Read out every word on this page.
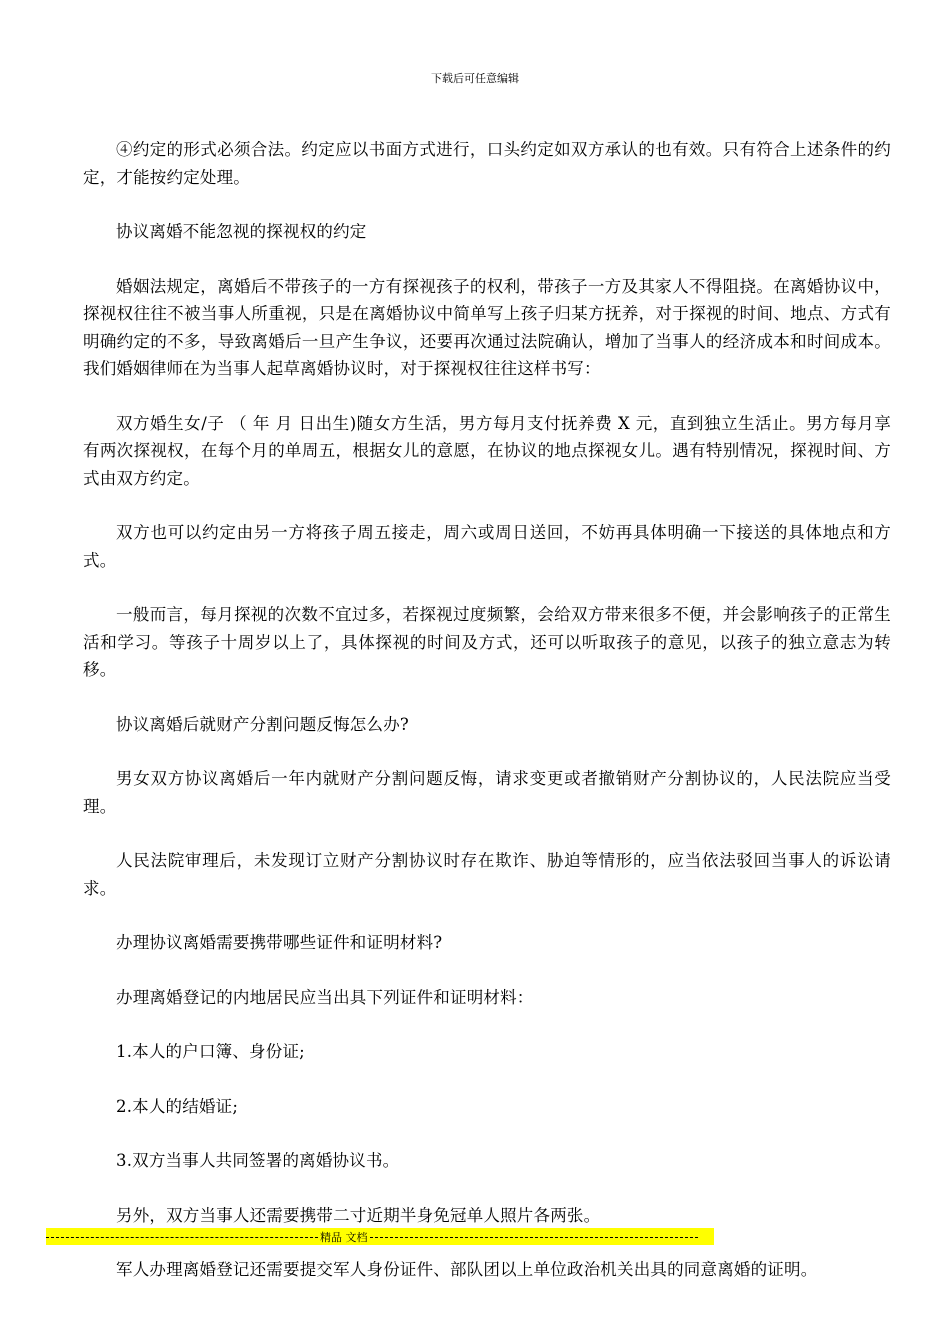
下载后可任意编辑

④约定的形式必须合法。约定应以书面方式进行，口头约定如双方承认的也有效。只有符合上述条件的约定，才能按约定处理。

协议离婚不能忽视的探视权的约定

婚姻法规定，离婚后不带孩子的一方有探视孩子的权利，带孩子一方及其家人不得阻挠。在离婚协议中，探视权往往不被当事人所重视，只是在离婚协议中简单写上孩子归某方抚养，对于探视的时间、地点、方式有明确约定的不多，导致离婚后一旦产生争议，还要再次通过法院确认，增加了当事人的经济成本和时间成本。我们婚姻律师在为当事人起草离婚协议时，对于探视权往往这样书写：

双方婚生女/子 （ 年 月 日出生)随女方生活，男方每月支付抚养费 X 元，直到独立生活止。男方每月享有两次探视权，在每个月的单周五，根据女儿的意愿，在协议的地点探视女儿。遇有特别情况，探视时间、方式由双方约定。

双方也可以约定由另一方将孩子周五接走，周六或周日送回，不妨再具体明确一下接送的具体地点和方式。

一般而言，每月探视的次数不宜过多，若探视过度频繁，会给双方带来很多不便，并会影响孩子的正常生活和学习。等孩子十周岁以上了，具体探视的时间及方式，还可以听取孩子的意见，以孩子的独立意志为转移。

协议离婚后就财产分割问题反悔怎么办?

男女双方协议离婚后一年内就财产分割问题反悔，请求变更或者撤销财产分割协议的，人民法院应当受理。

人民法院审理后，未发现订立财产分割协议时存在欺诈、胁迫等情形的，应当依法驳回当事人的诉讼请求。

办理协议离婚需要携带哪些证件和证明材料?

办理离婚登记的内地居民应当出具下列证件和证明材料：

1.本人的户口簿、身份证;

2.本人的结婚证;

3.双方当事人共同签署的离婚协议书。

另外，双方当事人还需要携带二寸近期半身免冠单人照片各两张。

军人办理离婚登记还需要提交军人身份证件、部队团以上单位政治机关出具的同意离婚的证明。

精品 文档
